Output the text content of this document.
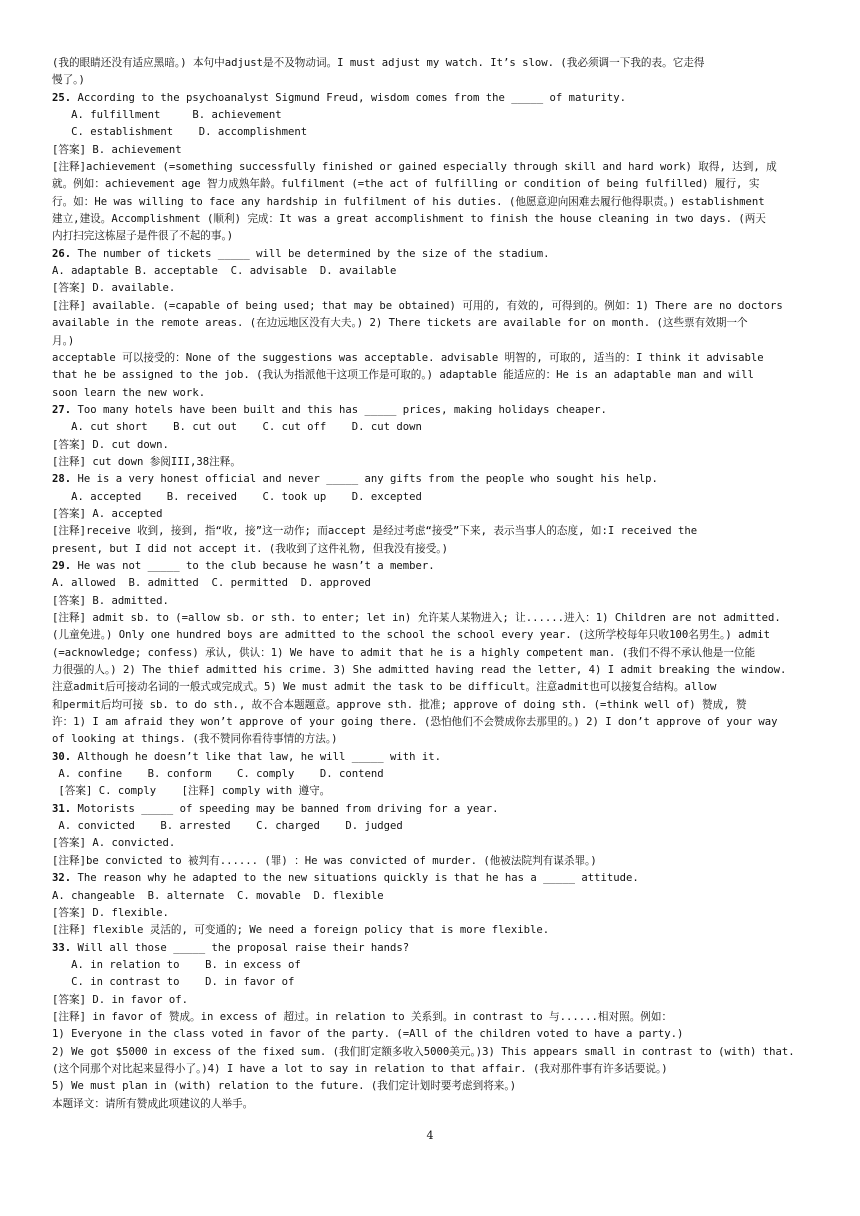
(我的眼睛还没有适应黑暗。) 本句中adjust是不及物动词。I must adjust my watch. It’s slow. (我必须调一下我的表。它走得
慢了。)
25. According to the psychoanalyst Sigmund Freud, wisdom comes from the _____ of maturity.
A. fulfillment     B. achievement
C. establishment    D. accomplishment
[答案] B. achievement
[注释]achievement (=something successfully finished or gained especially through skill and hard work) 取得, 达到, 成
就。例如：achievement age 智力成熟年龄。fulfilment (=the act of fulfilling or condition of being fulfilled) 履行, 实
行。如：He was willing to face any hardship in fulfilment of his duties. (他愿意迎向困难去履行他得职责。) establishment
建立,建设。Accomplishment (顺利) 完成：It was a great accomplishment to finish the house cleaning in two days. (两天
内打扫完这栋屋子是件很了不起的事。)
26. The number of tickets _____ will be determined by the size of the stadium.
A. adaptable B. acceptable  C. advisable  D. available
[答案] D. available.
[注释] available. (=capable of being used; that may be obtained) 可用的, 有效的, 可得到的。例如：1) There are no doctors
available in the remote areas. (在边远地区没有大夫。) 2) There tickets are available for on month. (这些票有效期一个
月。)
acceptable 可以接受的：None of the suggestions was acceptable. advisable 明智的, 可取的, 适当的：I think it advisable
that he be assigned to the job. (我认为指派他干这项工作是可取的。) adaptable 能适应的：He is an adaptable man and will
soon learn the new work.
27. Too many hotels have been built and this has _____ prices, making holidays cheaper.
A. cut short    B. cut out    C. cut off    D. cut down
[答案] D. cut down.
[注释] cut down 参阅III,38注释。
28. He is a very honest official and never _____ any gifts from the people who sought his help.
A. accepted    B. received    C. took up    D. excepted
[答案] A. accepted
[注释]receive 收到, 接到, 指“收, 接”这一动作; 而accept 是经过考虑“接受”下来, 表示当事人的态度, 如:I received the
present, but I did not accept it. (我收到了这件礼物, 但我没有接受。)
29. He was not _____ to the club because he wasn’t a member.
A. allowed  B. admitted  C. permitted  D. approved
[答案] B. admitted.
[注释] admit sb. to (=allow sb. or sth. to enter; let in) 允许某人某物进入; 让......进入：1) Children are not admitted.
(儿童免进。) Only one hundred boys are admitted to the school the school every year. (这所学校每年只收100名男生。) admit
(=acknowledge; confess) 承认, 供认：1) We have to admit that he is a highly competent man. (我们不得不承认他是一位能
力很强的人。) 2) The thief admitted his crime. 3) She admitted having read the letter, 4) I admit breaking the window.
注意admit后可接动名词的一般式或完成式。5) We must admit the task to be difficult。注意admit也可以接复合结构。allow
和permit后均可接 sb. to do sth., 故不合本题题意。approve sth. 批准; approve of doing sth. (=think well of) 赞成, 赞
许：1) I am afraid they won’t approve of your going there. (恐怕他们不会赞成你去那里的。) 2) I don’t approve of your way
of looking at things. (我不赞同你看待事情的方法。)
30. Although he doesn’t like that law, he will _____ with it.
A. confine    B. conform    C. comply    D. contend
[答案] C. comply    [注释] comply with 遵守。
31. Motorists _____ of speeding may be banned from driving for a year.
A. convicted    B. arrested    C. charged    D. judged
[答案] A. convicted.
[注释]be convicted to 被判有...... (罪) ：He was convicted of murder. (他被法院判有谋杀罪。)
32. The reason why he adapted to the new situations quickly is that he has a _____ attitude.
A. changeable  B. alternate  C. movable  D. flexible
[答案] D. flexible.
[注释] flexible 灵活的, 可变通的; We need a foreign policy that is more flexible.
33. Will all those _____ the proposal raise their hands?
A. in relation to    B. in excess of
C. in contrast to    D. in favor of
[答案] D. in favor of.
[注释] in favor of 赞成。in excess of 超过。in relation to 关系到。in contrast to 与......相对照。例如：
1) Everyone in the class voted in favor of the party. (=All of the children voted to have a party.)
2) We got $5000 in excess of the fixed sum. (我们盯定额多收入5000美元。)3) This appears small in contrast to (with) that.
(这个同那个对比起来显得小了。)4) I have a lot to say in relation to that affair. (我对那件事有许多话要说。)
5) We must plan in (with) relation to the future. (我们定计划时要考虑到将来。)
本题译文：请所有赞成此项建议的人举手。
4
